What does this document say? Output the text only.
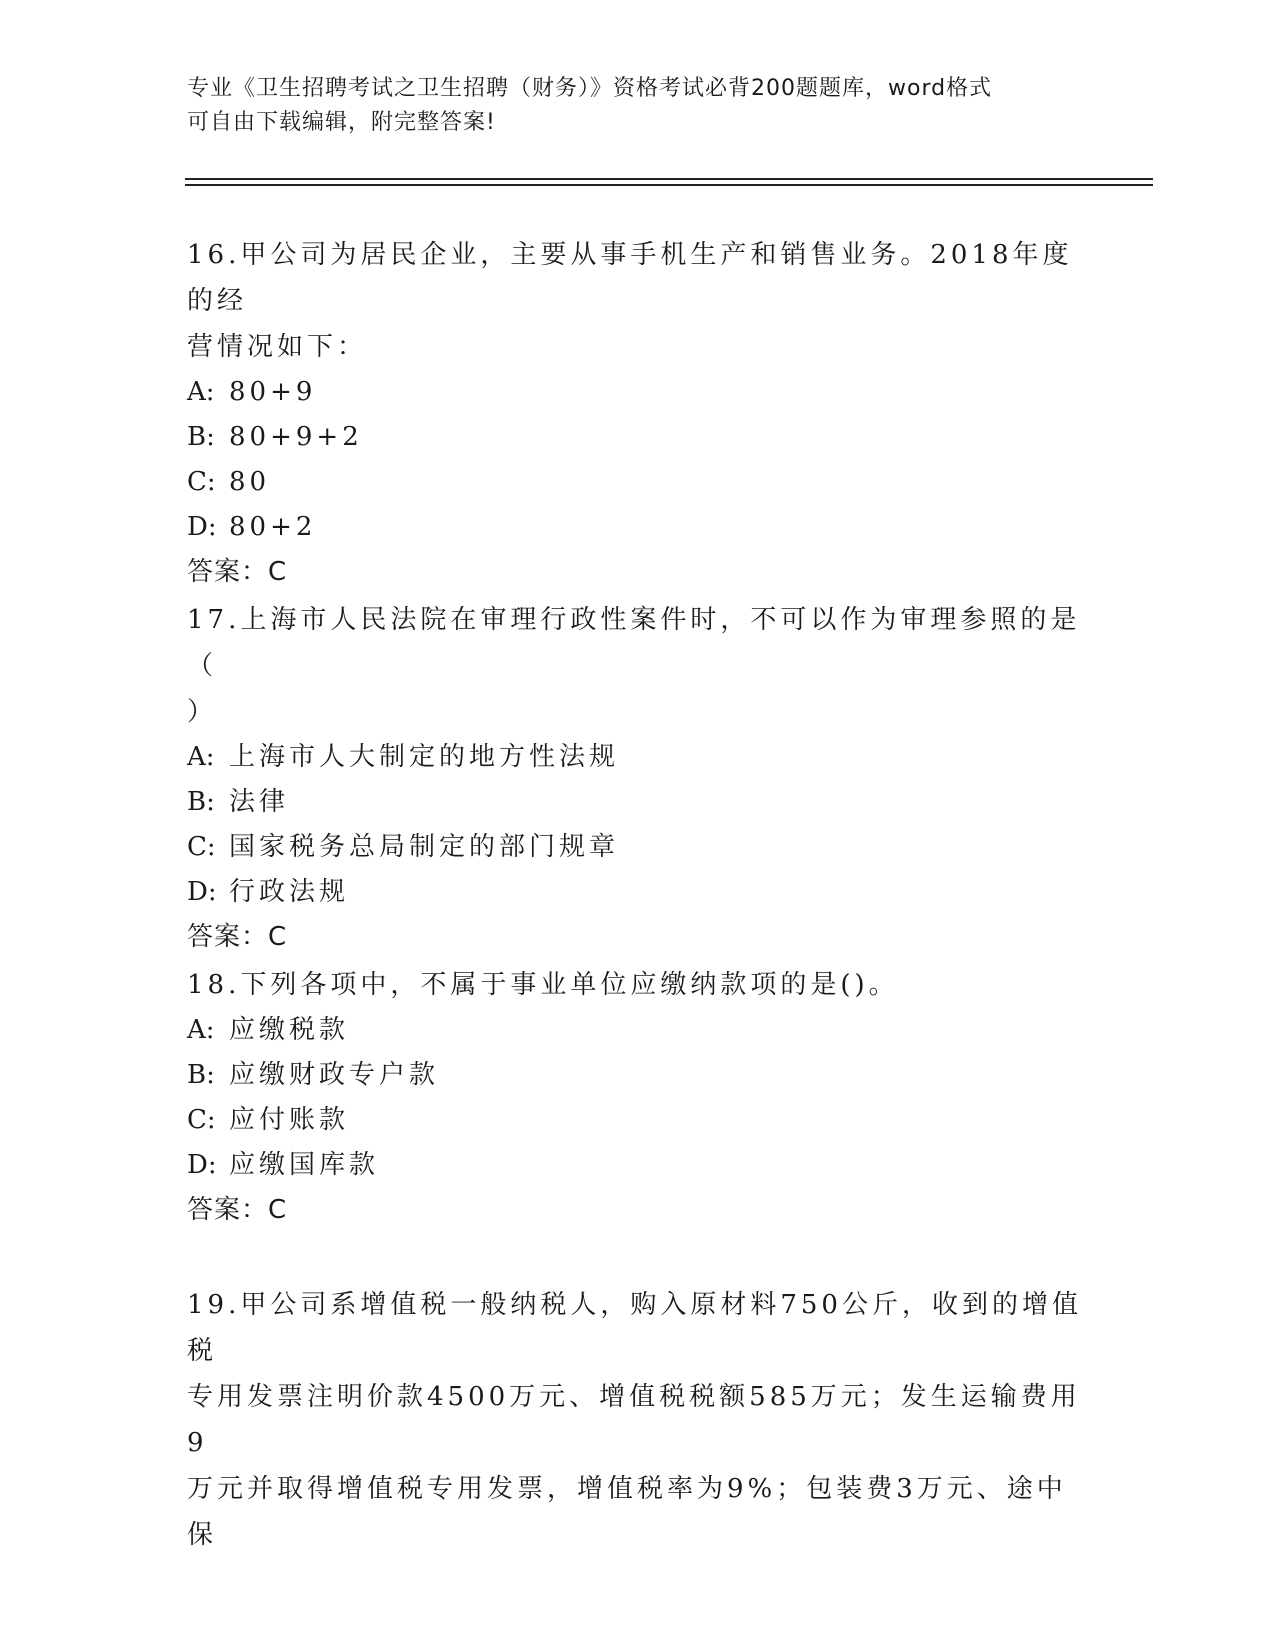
专业《卫生招聘考试之卫生招聘（财务）》资格考试必背200题题库，word格式
可自由下载编辑，附完整答案!

16.甲公司为居民企业，主要从事手机生产和销售业务。2018年度的经

营情况如下：

A: 80+9

B: 80+9+2

C: 80

D: 80+2

答案：C

17.上海市人民法院在审理行政性案件时，不可以作为审理参照的是（

）

A: 上海市人大制定的地方性法规

B: 法律

C: 国家税务总局制定的部门规章

D: 行政法规

答案：C

18.下列各项中，不属于事业单位应缴纳款项的是()。

A: 应缴税款

B: 应缴财政专户款

C: 应付账款

D: 应缴国库款

答案：C

19.甲公司系增值税一般纳税人，购入原材料750公斤，收到的增值税

专用发票注明价款4500万元、增值税税额585万元；发生运输费用9

万元并取得增值税专用发票，增值税率为9%；包装费3万元、途中保
